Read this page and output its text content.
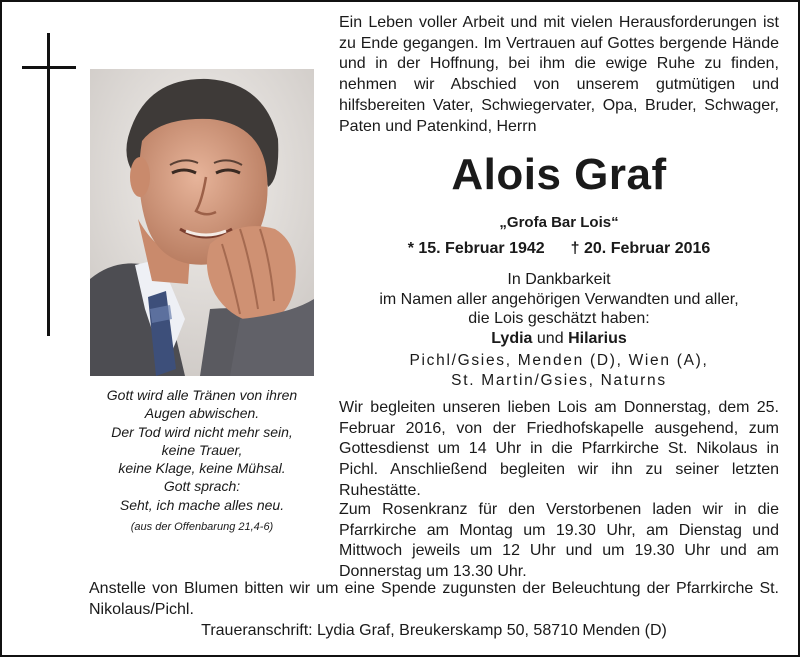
Gott wird alle Tränen von ihren
Augen abwischen.
Der Tod wird nicht mehr sein,
keine Trauer,
keine Klage, keine Mühsal.
Gott sprach:
Seht, ich mache alles neu.
(aus der Offenbarung 21,4-6)
Ein Leben voller Arbeit und mit vielen Herausforderungen ist zu Ende gegangen. Im Vertrauen auf Gottes bergende Hände und in der Hoffnung, bei ihm die ewige Ruhe zu finden, nehmen wir Abschied von unserem gutmütigen und hilfsbereiten Vater, Schwiegervater, Opa, Bruder, Schwager, Paten und Patenkind, Herrn
Alois Graf
„Grofa Bar Lois“
* 15. Februar 1942 † 20. Februar 2016
In Dankbarkeit
im Namen aller angehörigen Verwandten und aller,
die Lois geschätzt haben:
Lydia und Hilarius
Pichl/Gsies, Menden (D), Wien (A),
St. Martin/Gsies, Naturns
Wir begleiten unseren lieben Lois am Donnerstag, dem 25. Februar 2016, von der Friedhofskapelle ausgehend, zum Gottesdienst um 14 Uhr in die Pfarrkirche St. Nikolaus in Pichl. Anschließend begleiten wir ihn zu seiner letzten Ruhestätte.
Zum Rosenkranz für den Verstorbenen laden wir in die Pfarrkirche am Montag um 19.30 Uhr, am Dienstag und Mittwoch jeweils um 12 Uhr und um 19.30 Uhr und am Donnerstag um 13.30 Uhr.
Anstelle von Blumen bitten wir um eine Spende zugunsten der Beleuchtung der Pfarrkirche St. Nikolaus/Pichl.
Traueranschrift: Lydia Graf, Breukerskamp 50, 58710 Menden (D)
